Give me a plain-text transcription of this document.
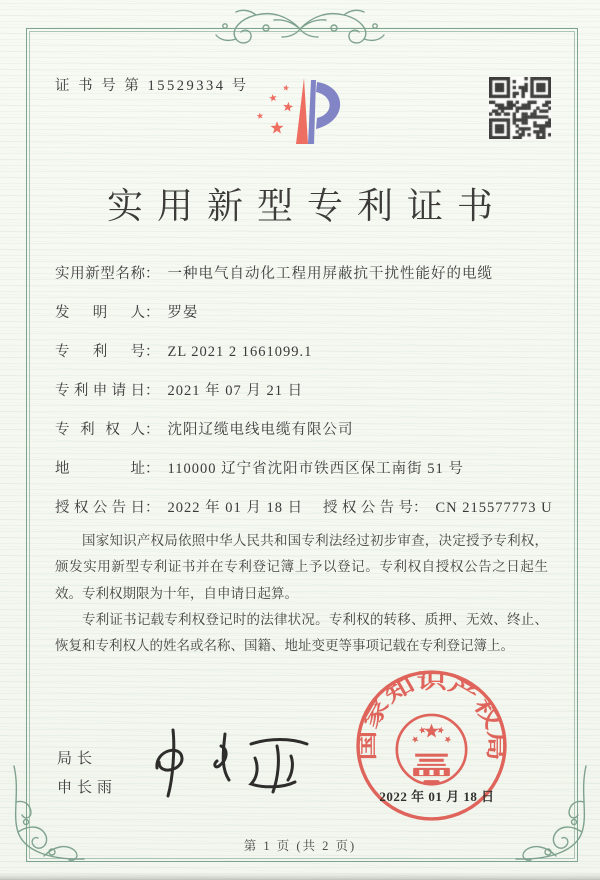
证 书 号 第 15529334 号
实用新型专利证书
实用新型名称： 一种电气自动化工程用屏蔽抗干扰性能好的电缆
发明人： 罗晏
专利号： ZL 2021 2 1661099.1
专利申请日： 2021 年 07 月 21 日
专利权人： 沈阳辽缆电线电缆有限公司
地址： 110000 辽宁省沈阳市铁西区保工南街 51 号
授权公告日： 2022 年 01 月 18 日 授权公告号： CN 215577773 U

国家知识产权局依照中华人民共和国专利法经过初步审查，决定授予专利权，颁发实用新型专利证书并在专利登记簿上予以登记。专利权自授权公告之日起生效。专利权期限为十年，自申请日起算。

专利证书记载专利权登记时的法律状况。专利权的转移、质押、无效、终止、恢复和专利权人的姓名或名称、国籍、地址变更等事项记载在专利登记簿上。

局长
申长雨
国家知识产权局
2022 年 01 月 18 日
第 1 页 (共 2 页)
